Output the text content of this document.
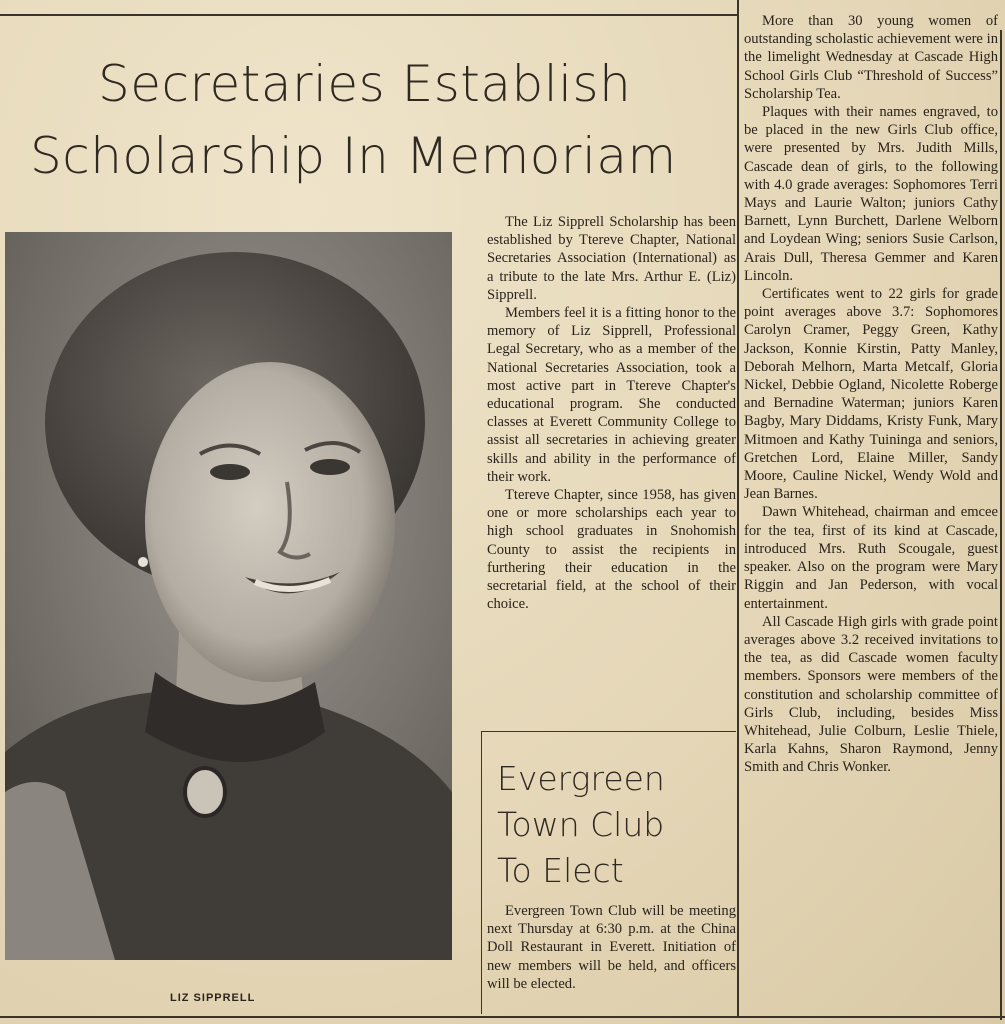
Secretaries Establish
Scholarship In Memoriam
LIZ SIPPRELL

The Liz Sipprell Scholarship has been established by Ttereve Chapter, National Secretaries Association (International) as a tribute to the late Mrs. Arthur E. (Liz) Sipprell.

Members feel it is a fitting honor to the memory of Liz Sipprell, Professional Legal Secretary, who as a member of the National Secretaries Association, took a most active part in Ttereve Chapter's educational program. She conducted classes at Everett Community College to assist all secretaries in achieving greater skills and ability in the performance of their work.

Ttereve Chapter, since 1958, has given one or more scholarships each year to high school graduates in Snohomish County to assist the recipients in furthering their education in the secretarial field, at the school of their choice.

Evergreen
Town Club
To Elect

Evergreen Town Club will be meeting next Thursday at 6:30 p.m. at the China Doll Restaurant in Everett. Initiation of new members will be held, and officers will be elected.

More than 30 young women of outstanding scholastic achievement were in the limelight Wednesday at Cascade High School Girls Club “Threshold of Success” Scholarship Tea.

Plaques with their names engraved, to be placed in the new Girls Club office, were presented by Mrs. Judith Mills, Cascade dean of girls, to the following with 4.0 grade averages: Sophomores Terri Mays and Laurie Walton; juniors Cathy Barnett, Lynn Burchett, Darlene Welborn and Loydean Wing; seniors Susie Carlson, Arais Dull, Theresa Gemmer and Karen Lincoln.

Certificates went to 22 girls for grade point averages above 3.7: Sophomores Carolyn Cramer, Peggy Green, Kathy Jackson, Konnie Kirstin, Patty Manley, Deborah Melhorn, Marta Metcalf, Gloria Nickel, Debbie Ogland, Nicolette Roberge and Bernadine Waterman; juniors Karen Bagby, Mary Diddams, Kristy Funk, Mary Mitmoen and Kathy Tuininga and seniors, Gretchen Lord, Elaine Miller, Sandy Moore, Cauline Nickel, Wendy Wold and Jean Barnes.

Dawn Whitehead, chairman and emcee for the tea, first of its kind at Cascade, introduced Mrs. Ruth Scougale, guest speaker. Also on the program were Mary Riggin and Jan Pederson, with vocal entertainment.

All Cascade High girls with grade point averages above 3.2 received invitations to the tea, as did Cascade women faculty members. Sponsors were members of the constitution and scholarship committee of Girls Club, including, besides Miss Whitehead, Julie Colburn, Leslie Thiele, Karla Kahns, Sharon Raymond, Jenny Smith and Chris Wonker.
